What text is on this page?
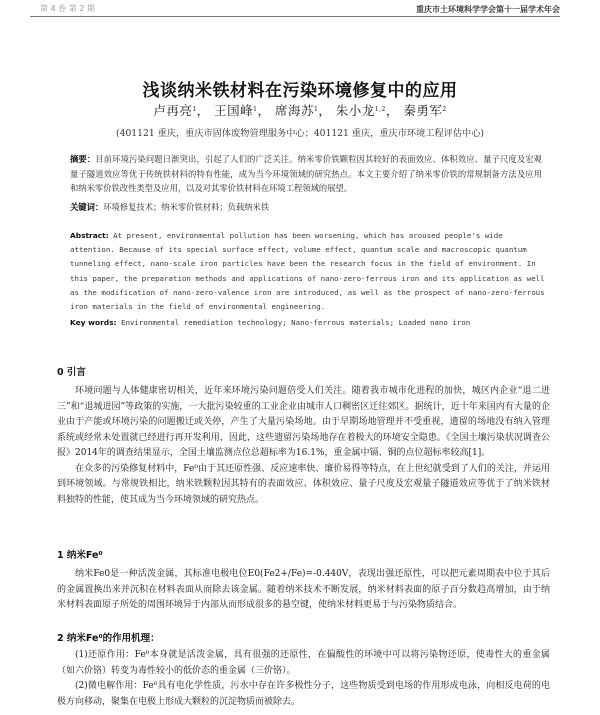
第 4 卷 第 2 期	重庆市土环境科学学会第十一届学术年会
浅谈纳米铁材料在污染环境修复中的应用
卢再亮$^1$， 王国峰$^1$， 席海苏$^1$， 朱小龙$^{1,2}$， 秦勇军$^2$
(401121 重庆，重庆市固体废物管理服务中心；401121 重庆，重庆市环境工程评估中心)
摘要：目前环境污染问题日渐突出，引起了人们的广泛关注。纳米零价铁颗粒因其较好的表面效应、体积效应、量子尺度及宏观量子隧道效应等优于传统铁材料的特有性能，成为当今环境领域的研究热点。本文主要介绍了纳米零价铁的常规制备方法及应用和纳米零价铁改性类型及应用，以及对其零价铁材料在环境工程领域的展望。
关键词：环境修复技术；纳米零价铁材料；负载纳米铁
Abstract: At present, environmental pollution has been worsening, which has aroused people's wide attention. Because of its special surface effect, volume effect, quantum scale and macroscopic quantum tunneling effect, nano-scale iron particles have been the research focus in the field of environment. In this paper, the preparation methods and applications of nano-zero-ferrous iron and its application as well as the modification of nano-zero-valence iron are introduced, as well as the prospect of nano-zero-ferrous iron materials in the field of environmental engineering.
Key words: Environmental remediation technology; Nano-ferrous materials; Loaded nano iron
0 引言

环境问题与人体健康密切相关，近年来环境污染问题倍受人们关注。随着我市城市化进程的加快，城区内企业“退二进三”和“退城进园”等政策的实施，一大批污染较重的工业企业由城市人口稠密区迁往郊区。据统计，近十年来国内有大量的企业由于产能或环境污染的问题搬迁或关停，产生了大量污染场地。由于早期场地管理并不受重视，遗留的场地没有纳入管理系统或经常未处置就已经进行再开发利用，因此，这些遗留污染场地存在着极大的环境安全隐患。《全国土壤污染状况调查公报》2014年的调查结果显示，全国土壤监测点位总超标率为16.1%，重金属中镉、铜的点位超标率较高[1]。

在众多的污染修复材料中，Fe⁰由于其还原性强、反应速率快、廉价易得等特点，在上世纪就受到了人们的关注，并运用到环境领域。与常规铁相比，纳米铁颗粒因其特有的表面效应、体积效应、量子尺度及宏观量子隧道效应等优于了纳米铁材料独特的性能，使其成为当今环境领域的研究热点。

1 纳米Fe⁰

纳米Fe0是一种活泼金属，其标准电极电位E0(Fe2+/Fe)=-0.440V，表现出强还原性，可以把元素周期表中位于其后的金属置换出来并沉积在材料表面从而除去该金属。随着纳米技术不断发展，纳米材料表面的原子百分数趋高增加，由于纳米材料表面原子所处的周围环境异于内部从而形成很多的悬空键，使纳米材料更易于与污染物质结合。

2 纳米Fe⁰的作用机理：

(1)还原作用：Fe⁰本身就是活泼金属，具有很强的还原性，在偏酸性的环境中可以将污染物还原，使毒性大的重金属（如六价铬）转变为毒性较小的低价态的重金属（三价铬）。

(2)微电解作用：Fe⁰具有电化学性质，污水中存在许多极性分子，这些物质受到电场的作用形成电泳，向相反电荷的电极方向移动，聚集在电极上形成大颗粒的沉淀物质而被除去。
